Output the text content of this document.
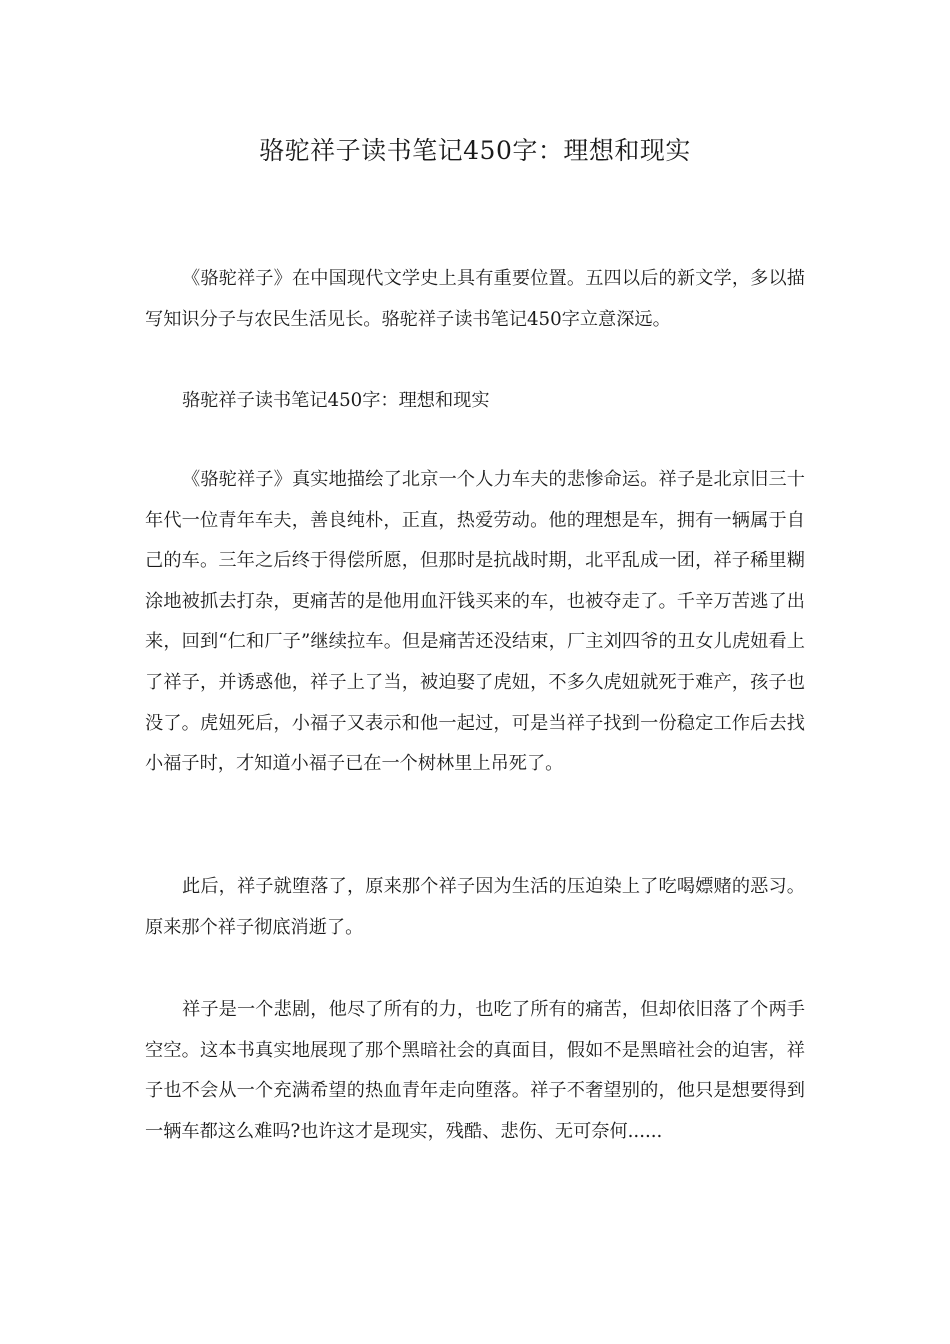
骆驼祥子读书笔记450字：理想和现实

《骆驼祥子》在中国现代文学史上具有重要位置。五四以后的新文学，多以描写知识分子与农民生活见长。骆驼祥子读书笔记450字立意深远。

骆驼祥子读书笔记450字：理想和现实

《骆驼祥子》真实地描绘了北京一个人力车夫的悲惨命运。祥子是北京旧三十年代一位青年车夫，善良纯朴，正直，热爱劳动。他的理想是车，拥有一辆属于自己的车。三年之后终于得偿所愿，但那时是抗战时期，北平乱成一团，祥子稀里糊涂地被抓去打杂，更痛苦的是他用血汗钱买来的车，也被夺走了。千辛万苦逃了出来，回到“仁和厂子”继续拉车。但是痛苦还没结束，厂主刘四爷的丑女儿虎妞看上了祥子，并诱惑他，祥子上了当，被迫娶了虎妞，不多久虎妞就死于难产，孩子也没了。虎妞死后，小福子又表示和他一起过，可是当祥子找到一份稳定工作后去找小福子时，才知道小福子已在一个树林里上吊死了。

此后，祥子就堕落了，原来那个祥子因为生活的压迫染上了吃喝嫖赌的恶习。原来那个祥子彻底消逝了。

祥子是一个悲剧，他尽了所有的力，也吃了所有的痛苦，但却依旧落了个两手空空。这本书真实地展现了那个黑暗社会的真面目，假如不是黑暗社会的迫害，祥子也不会从一个充满希望的热血青年走向堕落。祥子不奢望别的，他只是想要得到一辆车都这么难吗?也许这才是现实，残酷、悲伤、无可奈何......
